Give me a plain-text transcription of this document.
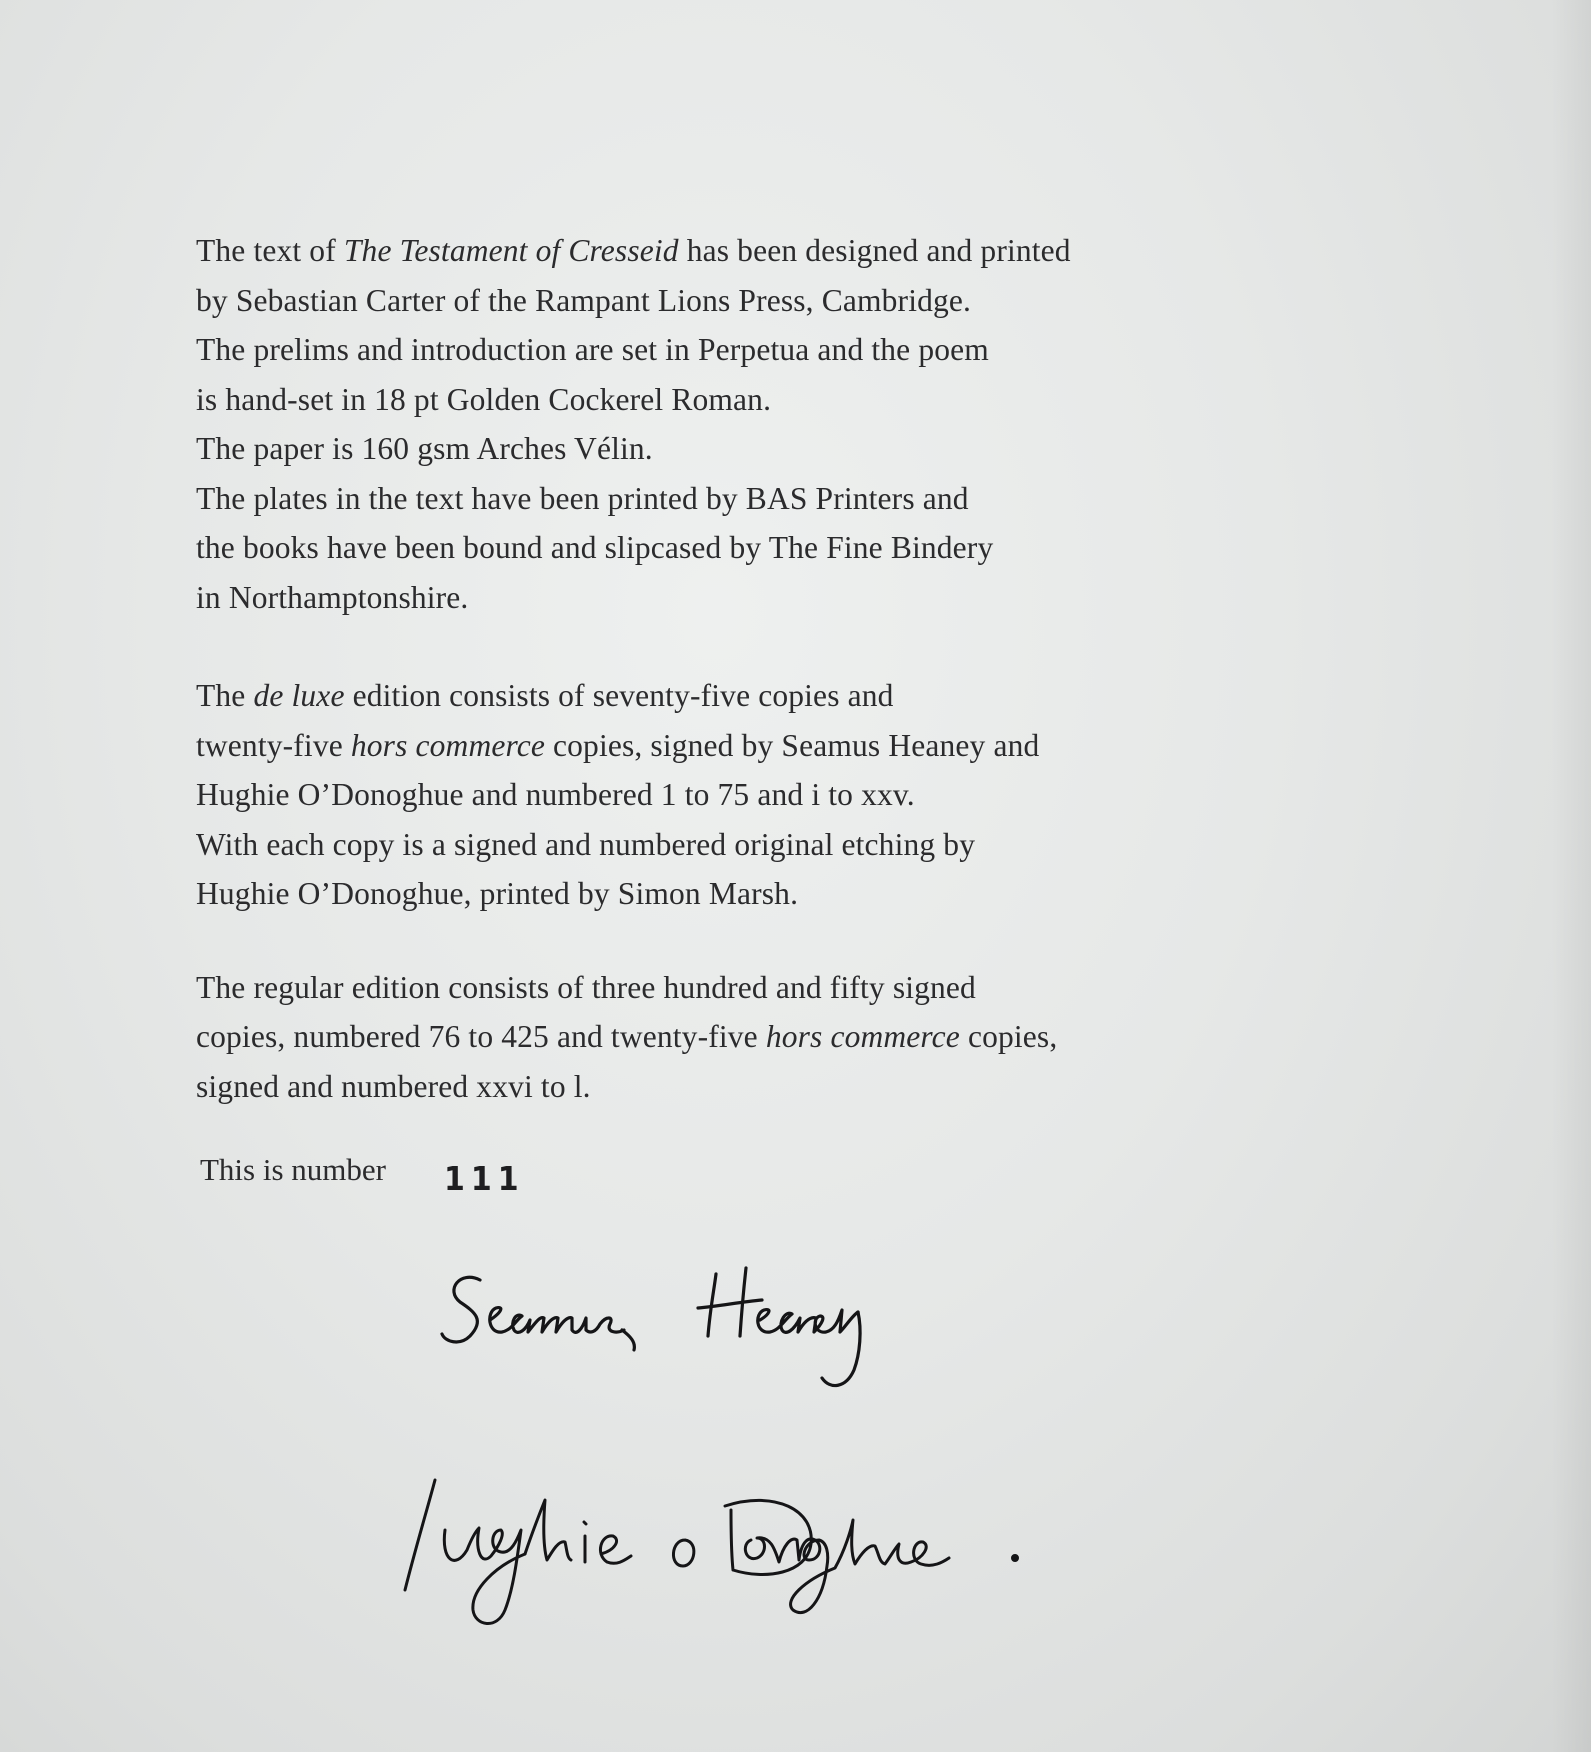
The text of The Testament of Cresseid has been designed and printed

by Sebastian Carter of the Rampant Lions Press, Cambridge.

The prelims and introduction are set in Perpetua and the poem

is hand-set in 18 pt Golden Cockerel Roman.

The paper is 160 gsm Arches Vélin.

The plates in the text have been printed by BAS Printers and

the books have been bound and slipcased by The Fine Bindery

in Northamptonshire.

The de luxe edition consists of seventy-five copies and

twenty-five hors commerce copies, signed by Seamus Heaney and

Hughie O’Donoghue and numbered 1 to 75 and i to xxv.

With each copy is a signed and numbered original etching by

Hughie O’Donoghue, printed by Simon Marsh.

The regular edition consists of three hundred and fifty signed

copies, numbered 76 to 425 and twenty-five hors commerce copies,

signed and numbered xxvi to l.

This is number 111
